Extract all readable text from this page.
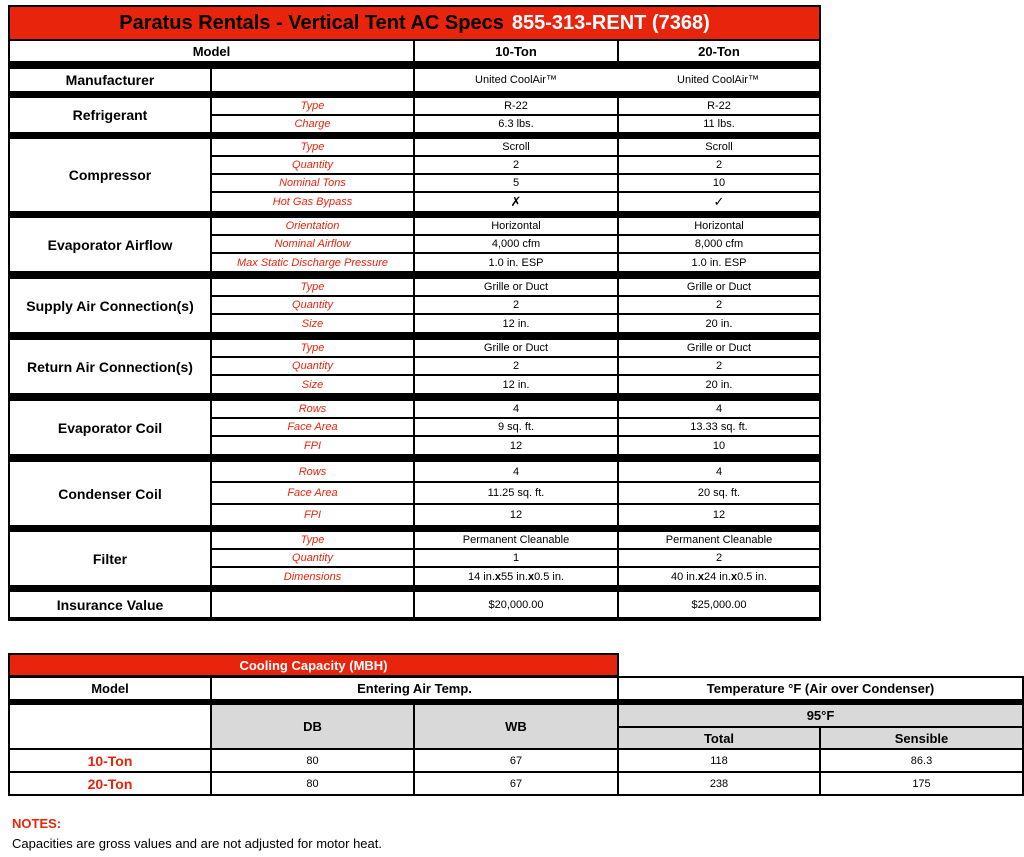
Paratus Rentals - Vertical Tent AC Specs 855-313-RENT (7368)
Model	10-Ton	20-Ton
Manufacturer	United CoolAir™	United CoolAir™
Refrigerant
Type	R-22	R-22
Charge	6.3 lbs.	11 lbs.
Compressor
Type	Scroll	Scroll
Quantity	2	2
Nominal Tons	5	10
Hot Gas Bypass	✗	✓
Evaporator Airflow
Orientation	Horizontal	Horizontal
Nominal Airflow	4,000 cfm	8,000 cfm
Max Static Discharge Pressure	1.0 in. ESP	1.0 in. ESP
Supply Air Connection(s)
Type	Grille or Duct	Grille or Duct
Quantity	2	2
Size	12 in.	20 in.
Return Air Connection(s)
Type	Grille or Duct	Grille or Duct
Quantity	2	2
Size	12 in.	20 in.
Evaporator Coil
Rows	4	4
Face Area	9 sq. ft.	13.33 sq. ft.
FPI	12	10
Condenser Coil
Rows	4	4
Face Area	11.25 sq. ft.	20 sq. ft.
FPI	12	12
Filter
Type	Permanent Cleanable	Permanent Cleanable
Quantity	1	2
Dimensions	14 in. x 55 in. x 0.5 in.	40 in. x 24 in. x 0.5 in.
Insurance Value	$20,000.00	$25,000.00
Cooling Capacity (MBH)
Model	Entering Air Temp.	Temperature °F (Air over Condenser)
DB	WB
95°F
Total	Sensible
10-Ton	80	67	118	86.3
20-Ton	80	67	238	175
NOTES:
Capacities are gross values and are not adjusted for motor heat.
